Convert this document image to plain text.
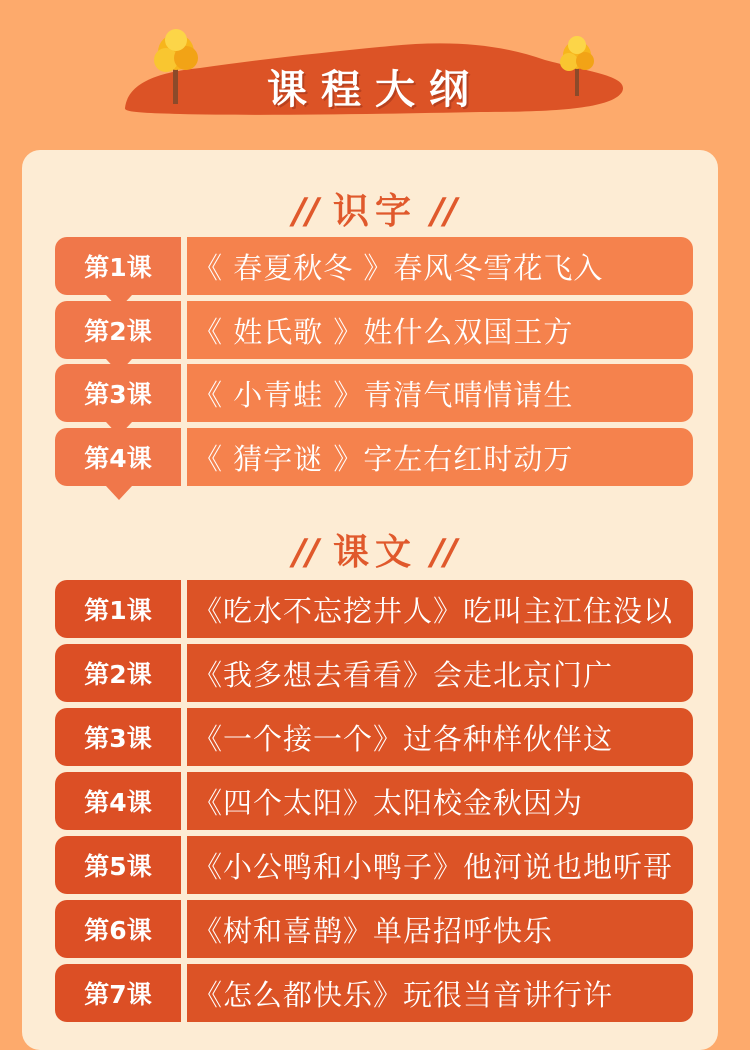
课程大纲
// 识字 //
第1课	《 春夏秋冬 》春风冬雪花飞入
第2课	《 姓氏歌 》姓什么双国王方
第3课	《 小青蛙 》青清气晴情请生
第4课	《 猜字谜 》字左右红时动万
// 课文 //
第1课	《吃水不忘挖井人》吃叫主江住没以
第2课	《我多想去看看》会走北京门广
第3课	《一个接一个》过各种样伙伴这
第4课	《四个太阳》太阳校金秋因为
第5课	《小公鸭和小鸭子》他河说也地听哥
第6课	《树和喜鹊》单居招呼快乐
第7课	《怎么都快乐》玩很当音讲行许
